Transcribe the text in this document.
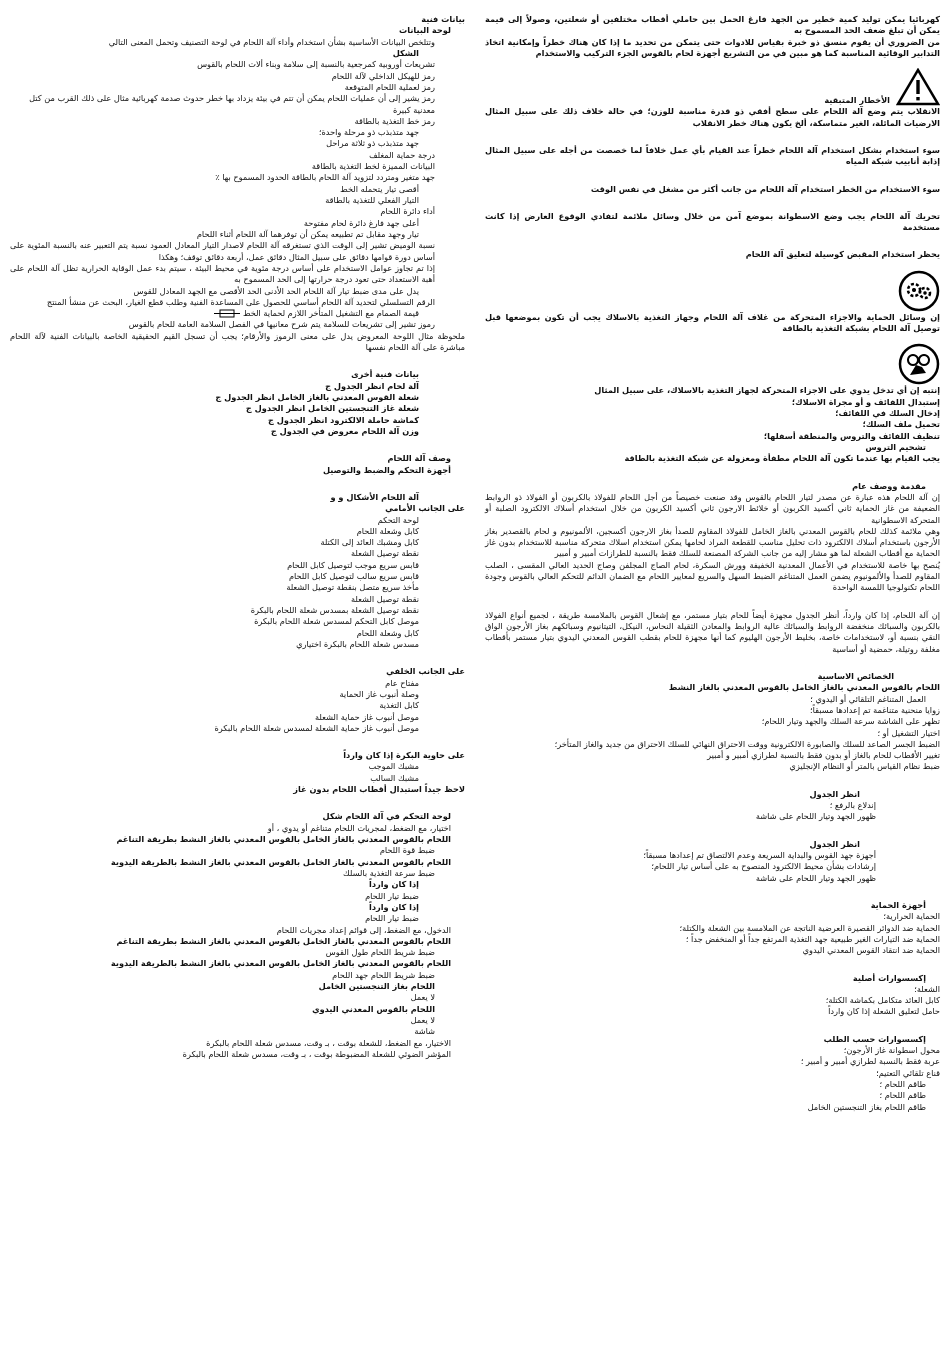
كهربائيا يمكن توليد كمية خطير من الجهد فارغ الحمل بين حاملي أقطاب مختلفين أو شعلتين، وصولاً إلى قيمة يمكن أن تبلغ ضعف الحد المسموح به

من الضروري أن يقوم منسق ذو خبرة بقياس للادوات حتى يتمكن من تحديد ما إذا كان هناك خطراً وإمكانية اتخاذ التدابير الوقائية المناسبة كما هو مبين في من التشريع أجهزة لحام بالقوس الجزء التركيب والاستخدام

الأخطار المتبقية

الانقلاب يتم وضع آلة اللحام على سطح أفقي ذو قدرة مناسبة للوزن؛ في حالة خلاف ذلك على سبيل المثال الارضيات المائلة، الغير متماسكة، ألخ يكون هناك خطر الانقلاب

سوء استخدام بشكل استخدام آلة اللحام خطراً عند القيام بأي عمل خلافاً لما خصصت من أجله على سبيل المثال إذابة أنابيب شبكة المياه

سوء الاستخدام من الخطر استخدام آلة اللحام من جانب أكثر من مشغل في نفس الوقت

تحريك آلة اللحام يجب وضع الاسطوانة بموضع آمن من خلال وسائل ملائمة لتفادي الوقوع العارض إذا كانت مستخدمة

يحظر استخدام المقبض كوسيلة لتعليق آلة اللحام

إن وسائل الحماية والاجزاء المتحركة من غلاف آلة اللحام وجهاز التغذية بالاسلاك يجب أن تكون بموضعها قبل توصيل آلة اللحام بشبكة التغذية بالطاقة

إنتبه إن أي تدخل يدوي على الاجزاء المتحركة لجهاز التغذية بالاسلاك، على سبيل المثال

إستبدال اللفائف و أو مجراة الاسلاك؛

إدخال السلك في اللفائف؛

تحميل ملف السلك؛

تنظيف اللفائف والتروس والمنطقة أسفلها؛

تشحيم التروس

يجب القيام بها عندما تكون آلة اللحام مطفأة ومعزولة عن شبكة التغذية بالطاقة

مقدمة ووصف عام

إن آلة اللحام هذه عبارة عن مصدر لتيار اللحام بالقوس وقد صنعت خصيصاً من أجل اللحام للفولاذ بالكربون أو الفولاذ ذو الروابط الضعيفة من غاز الحماية ثاني أكسيد الكربون أو خلائط الارجون ثاني أكسيد الكربون من خلال استخدام أسلاك الالكترود الصلبة أو المتحركة الاسطوانية

وهي ملائمة كذلك للحام بالقوس المعدني بالغاز الخامل للفولاذ المقاوم للصدأ بغاز الارجون أكسجين، الألمونيوم و لحام بالقصدير بغاز الأرجون باستخدام أسلاك الالكترود ذات تحليل مناسب للقطعة المراد لحامها يمكن استخدام اسلاك متحركة مناسبة للاستخدام بدون غاز الحماية مع أقطاب الشعلة لما هو مشار إليه من جانب الشركة المصنعة للسلك فقط بالنسبة للطرازات أمبير و أمبير

يُنصح بها خاصة للاستخدام في الأعمال المعدنية الخفيفة وورش السكرة، لحام الصاج المجلفن وصاج الحديد العالي المقسى ، الصلب المقاوم للصدأ والألمونيوم يضمن العمل المتناغم الضبط السهل والسريع لمعايير اللحام مع الضمان الدائم للتحكم العالي بالقوس وجودة اللحام تكنولوجيا اللمسة الواحدة

إن آلة اللحام، إذا كان وارداً، أنظر الجدول مجهزة أيضاً للحام بتيار مستمر، مع إشعال القوس بالملامسة طريقة ، لجميع أنواع الفولاذ بالكربون والسبائك منخفضة الروابط والسبائك عالية الروابط والمعادن الثقيلة النحاس، النيكل، التيتانيوم وسبائكهم بغاز الأرجون الواق النقي بنسبة أو، لاستخدامات خاصة، بخليط الأرجون الهليوم كما أنها مجهزة للحام بقطب القوس المعدني اليدوي بتيار مستمر بأقطاب مغلفة روتيلة، حمضية أو أساسية

الخصائص الاساسية

اللحام بالقوس المعدني بالغاز الخامل بالقوس المعدني بالغاز النشط

العمل المتناغم التلقائي أو اليدوي ؛

زوايا منحنية متناغمة تم إعدادها مسبقاً؛

تظهر على الشاشة سرعة السلك والجهد وتيار اللحام؛

اختيار التشغيل أو ؛

الضبط الجسر الصاعد للسلك والصابورة الالكترونية ووقت الاحتراق النهائي للسلك الاحتراق من جديد والغاز المتأخر؛

تغيير الأقطاب للحام بالغاز أو بدون فقط بالنسبة لطرازي أمبير و أمبير

ضبط نظام القياس بالمتر أو النظام الإنجليزي

انظر الجدول

إندلاع بالرفع ؛

ظهور الجهد وتيار اللحام على شاشة

انظر الجدول

أجهزة جهد القوس والبداية السريعة وعدم الالتصاق تم إعدادها مسبقاً؛

إرشادات بشأن محيط الالكترود المنصوح به على أساس تيار اللحام؛

ظهور الجهد وتيار اللحام على شاشة

أجهزة الحماية

الحماية الحرارية؛

الحماية ضد الدوائر القصيرة العرضية الناتجة عن الملامسة بين الشعلة والكتلة؛

الحماية ضد التيارات الغير طبيعية جهد التغذية المرتفع جداً أو المنخفض جداً ؛

الحماية ضد انتقاد القوس المعدني اليدوي

إكسسوارات أصلية

الشعلة؛

كابل العائد متكامل بكماشة الكتلة؛

حامل لتعليق الشعلة إذا كان وارداً

إكسسوارات حسب الطلب

محول اسطوانة غاز الأرجون؛

عربة فقط بالنسبة لطرازي أمبير و أمبير ؛

قناع تلقائي التعتيم؛

طاقم اللحام ؛

طاقم اللحام ؛

طاقم اللحام بغاز التنجستين الخامل

بيانات فنية

لوحة البيانات

وتتلخص البيانات الأساسية بشأن استخدام وأداء آلة اللحام في لوحة التصنيف وتحمل المعنى التالي

الشكل

تشريعات أوروبية كمرجعية بالنسبة إلى سلامة وبناء ألات اللحام بالقوس

رمز للهيكل الداخلي لآلة اللحام

رمز لعملية اللحام المتوقعة

رمز يشير إلى أن عمليات اللحام يمكن أن تتم في بيئة يزداد بها خطر حدوث صدمة كهربائية مثال على ذلك القرب من كتل معدنية كبيرة

رمز خط التغذية بالطاقة

جهد متذبذب ذو مرحلة واحدة؛

جهد متذبذب ذو ثلاثة مراحل

درجة حماية المغلف

البيانات المميزة لخط التغذية بالطاقة

جهد متغير ومتردد لتزويد آلة اللحام بالطاقة الحدود المسموح بها ٪

أقصى تيار يتحمله الخط

التيار الفعلي للتغذية بالطاقة

أداء دائرة اللحام

أعلى جهد فارغ دائرة لحام مفتوحة

تيار وجهد مقابل تم تطبيعه يمكن أن توفرهما آلة اللحام أثناء اللحام

نسبة الوميض تشير إلى الوقت الذي تستغرقه آلة اللحام لاصدار التيار المعادل العمود نسبة يتم التعبير عنه بالنسبة المئوية على أساس دورة قوامها دقائق على سبيل المثال دقائق عمل، أربعة دقائق توقف؛ وهكذا

إذا تم تجاوز عوامل الاستخدام على أساس درجة مئوية في محيط البيئة ، سيتم بدء عمل الوقاية الحرارية تظل آلة اللحام على أهبة الاستعداد حتى تعود درجة حرارتها إلى الحد المسموح به

يدل على مدى ضبط تيار آلة اللحام الحد الأدنى الحد الأقصى مع الجهد المعادل للقوس

الرقم التسلسلي لتحديد آلة اللحام أساسي للحصول على المساعدة الفنية وطلب قطع الغيار، البحث عن منشأ المنتج

قيمة الصمام مع التشغيل المتأخر اللازم لحماية الخط

رموز تشير إلى تشريعات للسلامة يتم شرح معانيها في الفصل السلامة العامة للحام بالقوس

ملحوظة مثال اللوحة المعروض يدل على معنى الرموز والأرقام؛ يجب أن تسجل القيم الحقيقية الخاصة بالبيانات الفنية لآلة اللحام مباشرة على آلة اللحام نفسها

بيانات فنية أخرى

آلة لحام انظر الجدول ج

شعلة القوس المعدني بالغاز الخامل انظر الجدول ج

شعلة غاز التنجستين الخامل انظر الجدول ج

كماشة حاملة الالكترود انظر الجدول ج

وزن آلة اللحام معروض في الجدول ج

وصف آلة اللحام

أجهزة التحكم والضبط والتوصيل

آلة اللحام الأشكال و و

على الجانب الأمامي

لوحة التحكم

كابل وشعلة اللحام

كابل ومشبك العائد إلى الكتلة

نقطة توصيل الشعلة

قابس سريع موجب لتوصيل كابل اللحام

قابس سريع سالب لتوصيل كابل اللحام

مأخذ سريع متصل بنقطة توصيل الشعلة

نقطة توصيل الشعلة

نقطة توصيل الشعلة بمسدس شعلة اللحام بالبكرة

موصل كابل التحكم لمسدس شعلة اللحام بالبكرة

كابل وشعلة اللحام

مسدس شعلة اللحام بالبكرة اختياري

على الجانب الخلفي

مفتاح عام

وصلة أنبوب غاز الحماية

كابل التغذية

موصل أنبوب غاز حماية الشعلة

موصل أنبوب غاز حماية الشعلة لمسدس شعلة اللحام بالبكرة

على حاوية البكرة إذا كان وارداً

مشبك الموجب

مشبك السالب

لاحظ جيداً استبدال أقطاب اللحام بدون غاز

لوحة التحكم في آلة اللحام شكل

اختيار، مع الضغط، لمجريات اللحام متناغم أو يدوي ، أو

اللحام بالقوس المعدني بالغاز الخامل بالقوس المعدني بالغاز النشط بطريقة التناغم

ضبط قوة اللحام

اللحام بالقوس المعدني بالغاز الخامل بالقوس المعدني بالغاز النشط بالطريقة اليدوية

ضبط سرعة التغذية بالسلك

إذا كان وارداً

ضبط تيار اللحام

إذا كان وارداً

ضبط تيار اللحام

الدخول، مع الضغط، إلى قوائم إعداد مجريات اللحام

اللحام بالقوس المعدني بالغاز الخامل بالقوس المعدني بالغاز النشط بطريقة التناغم

ضبط شريط اللحام طول القوس

اللحام بالقوس المعدني بالغاز الخامل بالقوس المعدني بالغاز النشط بالطريقة اليدوية

ضبط شريط اللحام جهد اللحام

اللحام بغاز التنجستين الخامل

لا يعمل

اللحام بالقوس المعدني اليدوي

لا يعمل

شاشة

الاختيار، مع الضغط، للشعلة بوقت ، بـ وقت، مسدس شعلة اللحام بالبكرة

المؤشر الضوئي للشعلة المضبوطة بوقت ، بـ وقت، مسدس شعلة اللحام بالبكرة
